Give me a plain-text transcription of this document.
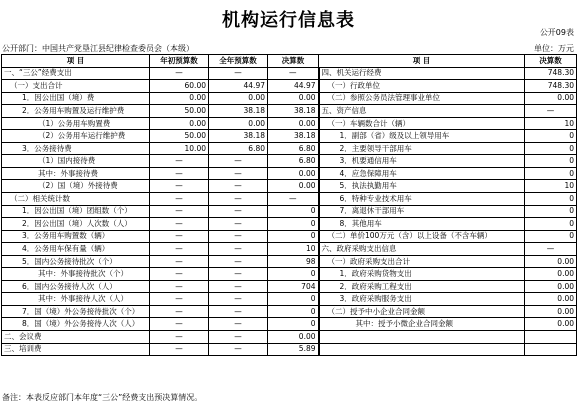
机构运行信息表
公开09表
公开部门：中国共产党垦江县纪律检查委员会（本级）	单位：万元
项 目	年初预算数	全年预算数	决算数	项 目	决算数
一、“三公”经费支出	—	—	—	四、机关运行经费	748.30
（一）支出合计	60.00	44.97	44.97	（一）行政单位	748.30
1．因公出国（境）费	0.00	0.00	0.00	（二）参照公务员法管理事业单位	0.00
2．公务用车购置及运行维护费	50.00	38.18	38.18	五、资产信息	—
（1）公务用车购置费	0.00	0.00	0.00	（一）车辆数合计（辆）	10
（2）公务用车运行维护费	50.00	38.18	38.18	1．副部（省）级及以上领导用车	0
3．公务接待费	10.00	6.80	6.80	2．主要领导干部用车	0
（1）国内接待费	—	—	6.80	3．机要通信用车	0
其中：外事接待费	—	—	0.00	4．应急保障用车	0
（2）国（境）外接待费	—	—	0.00	5．执法执勤用车	10
（二）相关统计数	—	—	—	6．特种专业技术用车	0
1．因公出国（境）团组数（个）	—	—	0	7．离退休干部用车	0
2．因公出国（境）人次数（人）	—	—	0	8．其他用车	0
3．公务用车购置数（辆）	—	—	0	（二）单价100万元（含）以上设备（不含车辆）	0
4．公务用车保有量（辆）	—	—	10	六、政府采购支出信息	—
5．国内公务接待批次（个）	—	—	98	（一）政府采购支出合计	0.00
其中：外事接待批次（个）	—	—	0	1．政府采购货物支出	0.00
6．国内公务接待人次（人）	—	—	704	2．政府采购工程支出	0.00
其中：外事接待人次（人）	—	—	0	3．政府采购服务支出	0.00
7．国（境）外公务接待批次（个）	—	—	0	（二）授予中小企业合同金额	0.00
8．国（境）外公务接待人次（人）	—	—	0	其中：授予小微企业合同金额	0.00
二、会议费	—	—	0.00		
三、培训费	—	—	5.89		
备注：本表反应部门本年度“三公”经费支出预决算情况。
